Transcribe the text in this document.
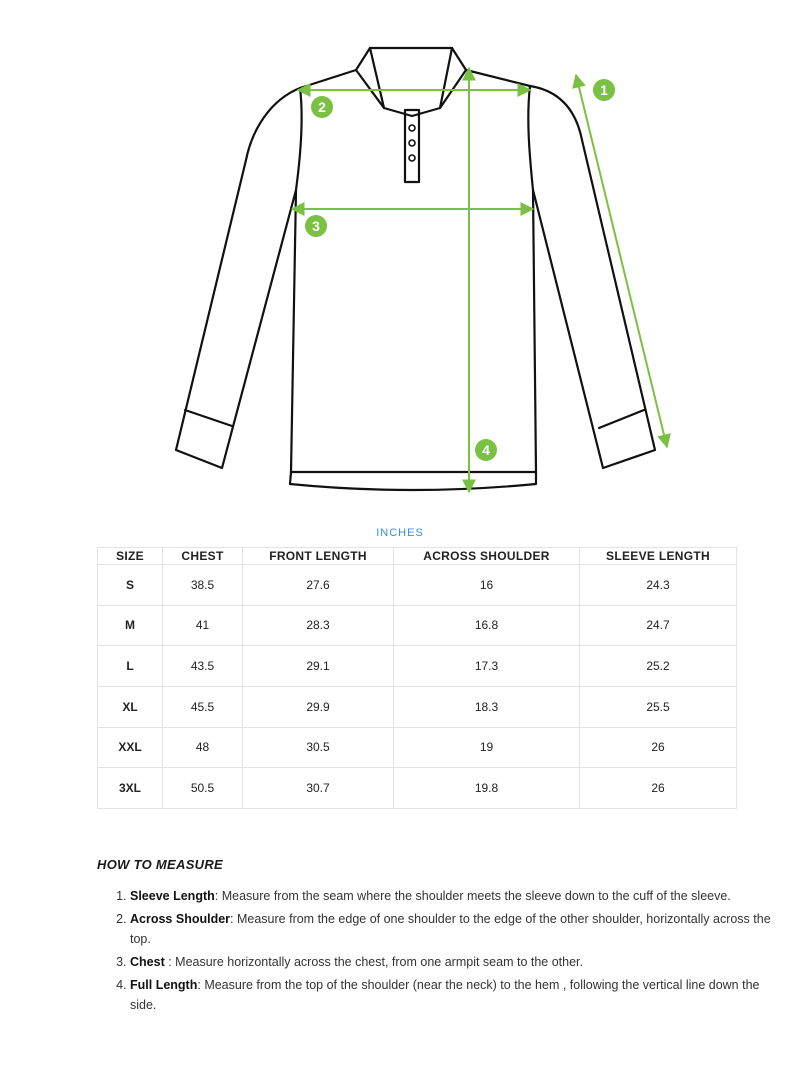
1
2
3
4
INCHES
SIZE	CHEST	FRONT LENGTH	ACROSS SHOULDER	SLEEVE LENGTH
S	38.5	27.6	16	24.3
M	41	28.3	16.8	24.7
L	43.5	29.1	17.3	25.2
XL	45.5	29.9	18.3	25.5
XXL	48	30.5	19	26
3XL	50.5	30.7	19.8	26
HOW TO MEASURE
1. Sleeve Length: Measure from the seam where the shoulder meets the sleeve down to the cuff of the sleeve.
2. Across Shoulder: Measure from the edge of one shoulder to the edge of the other shoulder, horizontally across the top.
3. Chest : Measure horizontally across the chest, from one armpit seam to the other.
4. Full Length: Measure from the top of the shoulder (near the neck) to the hem , following the vertical line down the side.
